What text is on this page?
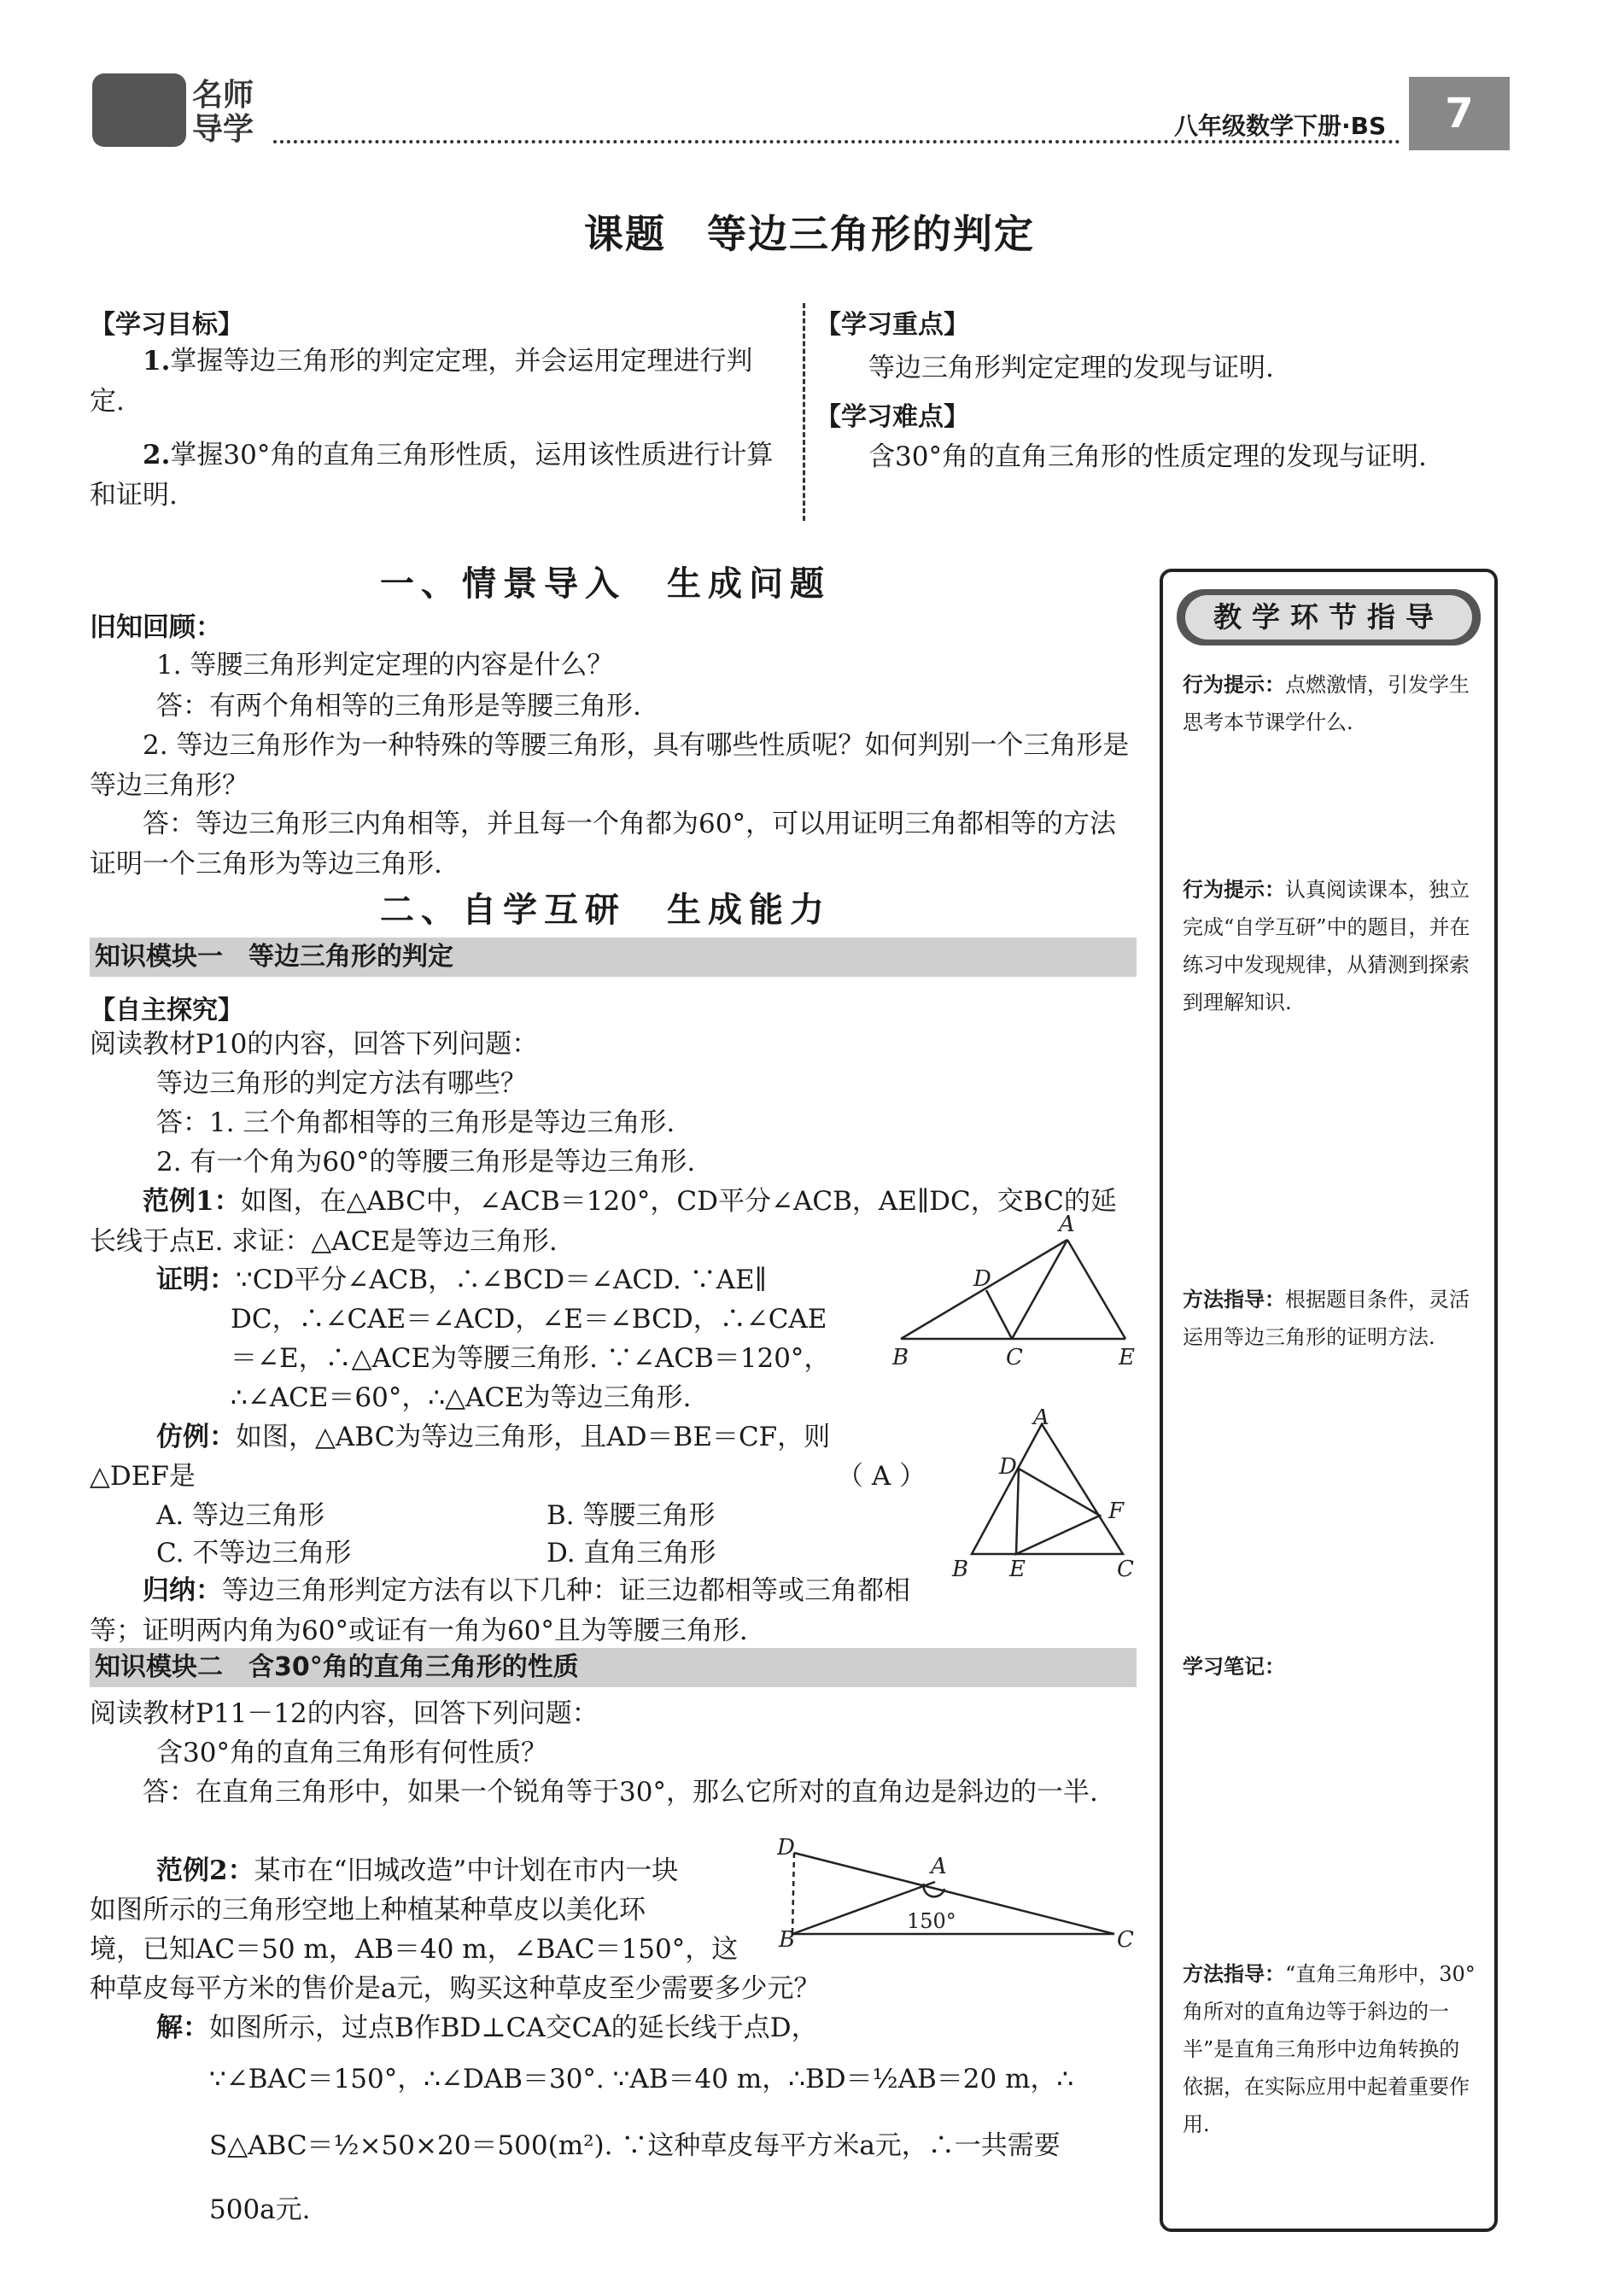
名师导学	八年级数学下册·BS	7
课题　等边三角形的判定
【学习目标】
1.掌握等边三角形的判定定理，并会运用定理进行判定.
2.掌握30°角的直角三角形性质，运用该性质进行计算和证明.
【学习重点】
等边三角形判定定理的发现与证明.
【学习难点】
含30°角的直角三角形的性质定理的发现与证明.
一、情景导入　生成问题
旧知回顾：
1. 等腰三角形判定定理的内容是什么？
答：有两个角相等的三角形是等腰三角形.
2. 等边三角形作为一种特殊的等腰三角形，具有哪些性质呢？如何判别一个三角形是等边三角形？
答：等边三角形三内角相等，并且每一个角都为60°，可以用证明三角都相等的方法证明一个三角形为等边三角形.
二、自学互研　生成能力
知识模块一　等边三角形的判定
【自主探究】
阅读教材P10的内容，回答下列问题：
等边三角形的判定方法有哪些？
答：1. 三个角都相等的三角形是等边三角形.
2. 有一个角为60°的等腰三角形是等边三角形.
范例1：如图，在△ABC中，∠ACB＝120°，CD平分∠ACB，AE∥DC，交BC的延长线于点E. 求证：△ACE是等边三角形.
证明：∵CD平分∠ACB，∴∠BCD＝∠ACD. ∵AE∥
DC，∴∠CAE＝∠ACD，∠E＝∠BCD，∴∠CAE
＝∠E，∴△ACE为等腰三角形. ∵∠ACB＝120°，
∴∠ACE＝60°，∴△ACE为等边三角形.
A
D
B	C	E
仿例：如图，△ABC为等边三角形，且AD＝BE＝CF，则
△DEF是	（ A ）
A. 等边三角形	B. 等腰三角形
C. 不等边三角形	D. 直角三角形
A
D
F
B E	C
归纳：等边三角形判定方法有以下几种：证三边都相等或三角都相等；证明两内角为60°或证有一角为60°且为等腰三角形.
知识模块二　含30°角的直角三角形的性质
阅读教材P11－12的内容，回答下列问题：
含30°角的直角三角形有何性质？
答：在直角三角形中，如果一个锐角等于30°，那么它所对的直角边是斜边的一半.
范例2：某市在“旧城改造”中计划在市内一块
如图所示的三角形空地上种植某种草皮以美化环
境，已知AC＝50 m，AB＝40 m，∠BAC＝150°，这
种草皮每平方米的售价是a元，购买这种草皮至少需要多少元？
D
A
B	C
150°
解：如图所示，过点B作BD⊥CA交CA的延长线于点D，
∵∠BAC＝150°，∴∠DAB＝30°. ∵AB＝40 m，∴BD＝½AB＝20 m，∴
S△ABC＝½×50×20＝500(m²). ∵这种草皮每平方米a元，∴一共需要
500a元.
教学环节指导
行为提示：点燃激情，引发学生思考本节课学什么.
行为提示：认真阅读课本，独立完成“自学互研”中的题目，并在练习中发现规律，从猜测到探索到理解知识.
方法指导：根据题目条件，灵活运用等边三角形的证明方法.
学习笔记：
方法指导：“直角三角形中，30°角所对的直角边等于斜边的一半”是直角三角形中边角转换的依据，在实际应用中起着重要作用.
